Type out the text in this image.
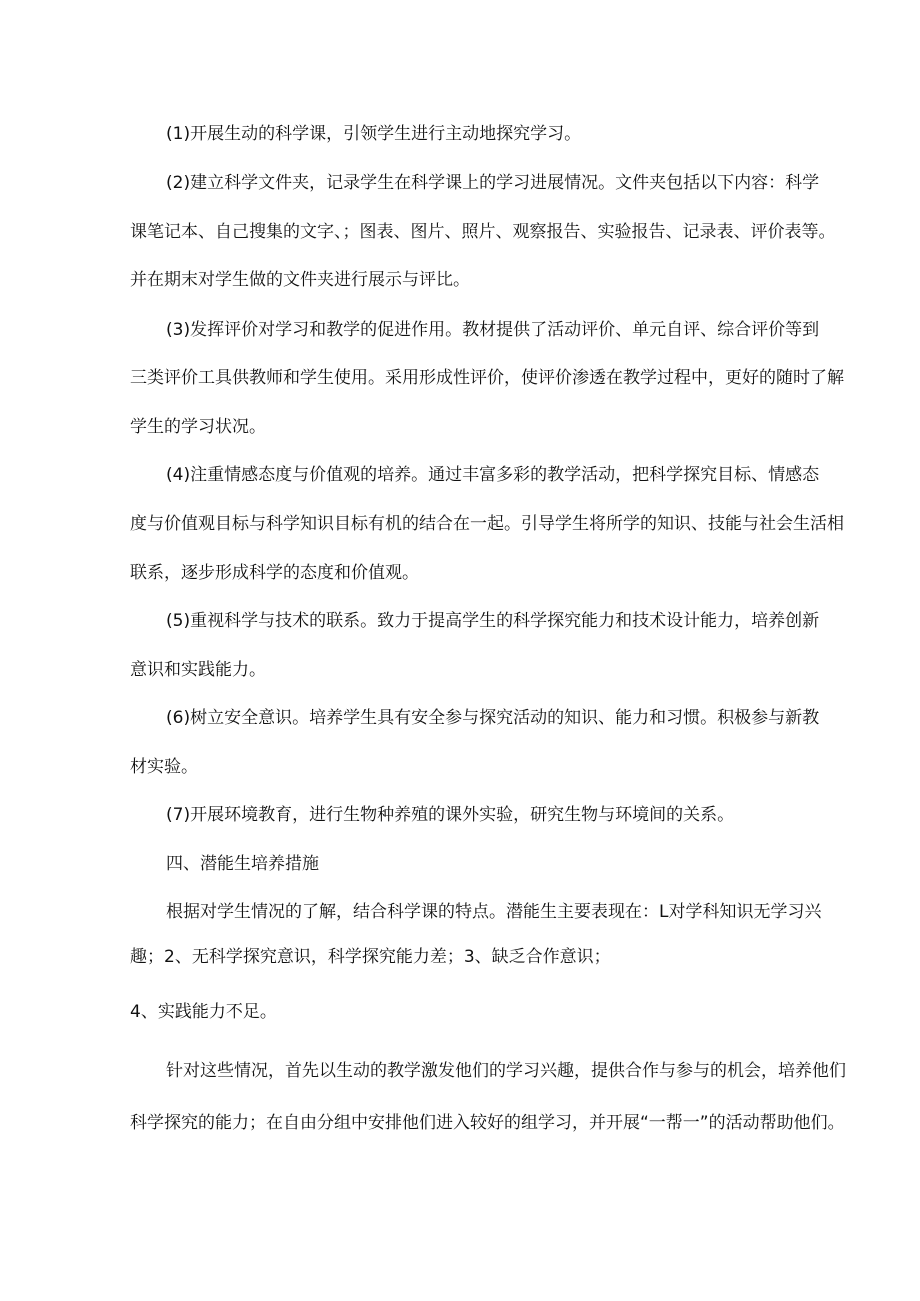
(1)开展生动的科学课，引领学生进行主动地探究学习。
(2)建立科学文件夹，记录学生在科学课上的学习进展情况。文件夹包括以下内容：科学
课笔记本、自己搜集的文字、；图表、图片、照片、观察报告、实验报告、记录表、评价表等。
并在期末对学生做的文件夹进行展示与评比。
(3)发挥评价对学习和教学的促进作用。教材提供了活动评价、单元自评、综合评价等到
三类评价工具供教师和学生使用。采用形成性评价，使评价渗透在教学过程中，更好的随时了解
学生的学习状况。
(4)注重情感态度与价值观的培养。通过丰富多彩的教学活动，把科学探究目标、情感态
度与价值观目标与科学知识目标有机的结合在一起。引导学生将所学的知识、技能与社会生活相
联系，逐步形成科学的态度和价值观。
(5)重视科学与技术的联系。致力于提高学生的科学探究能力和技术设计能力，培养创新
意识和实践能力。
(6)树立安全意识。培养学生具有安全参与探究活动的知识、能力和习惯。积极参与新教
材实验。
(7)开展环境教育，进行生物种养殖的课外实验，研究生物与环境间的关系。
四、潜能生培养措施
根据对学生情况的了解，结合科学课的特点。潜能生主要表现在：L对学科知识无学习兴
趣；2、无科学探究意识，科学探究能力差；3、缺乏合作意识；
4、实践能力不足。
针对这些情况，首先以生动的教学激发他们的学习兴趣，提供合作与参与的机会，培养他们
科学探究的能力；在自由分组中安排他们进入较好的组学习，并开展“一帮一”的活动帮助他们。
